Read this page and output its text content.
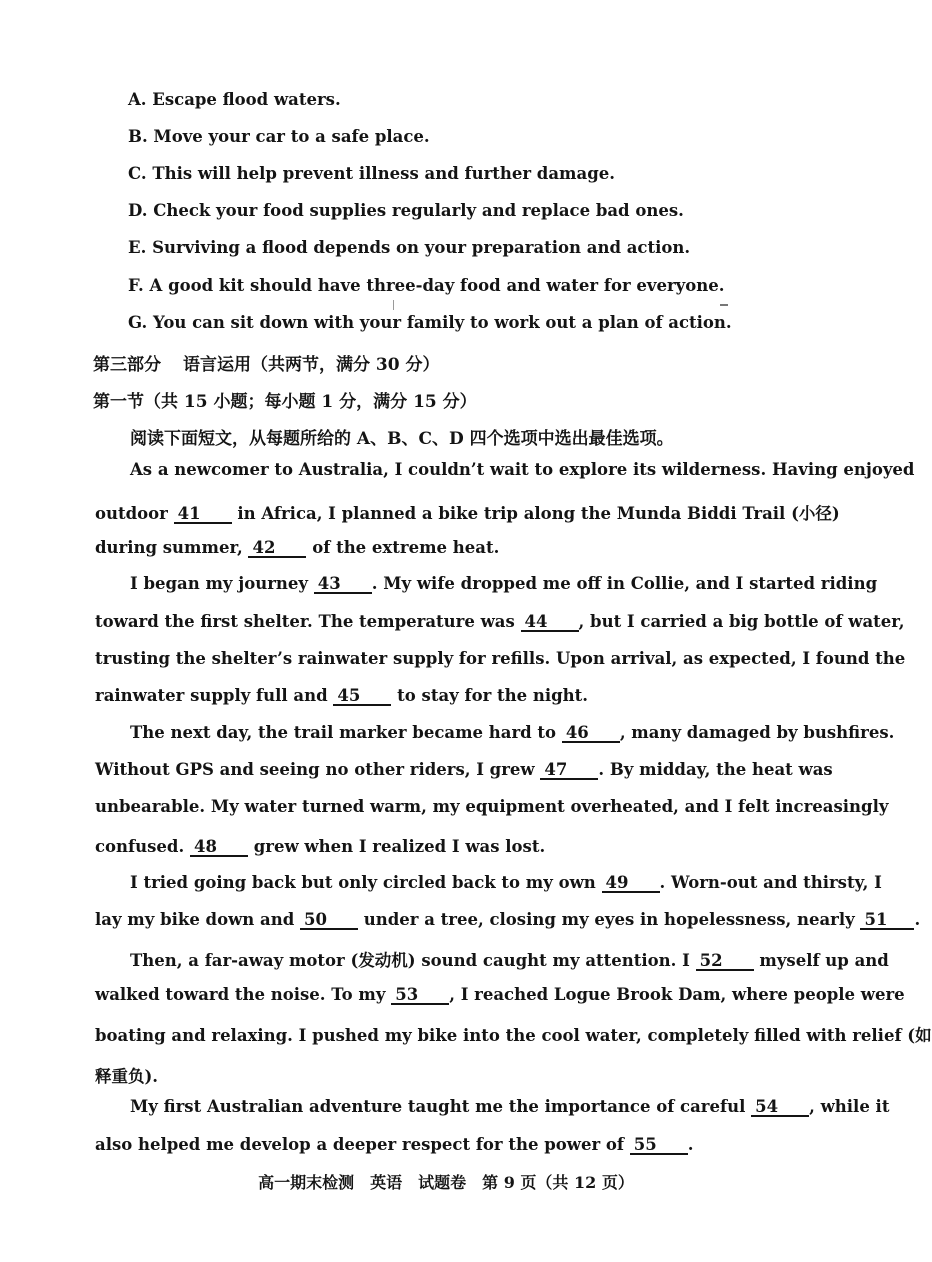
A. Escape flood waters.
B. Move your car to a safe place.
C. This will help prevent illness and further damage.
D. Check your food supplies regularly and replace bad ones.
E. Surviving a flood depends on your preparation and action.
F. A good kit should have three-day food and water for everyone.
G. You can sit down with your family to work out a plan of action.
第三部分 语言运用（共两节，满分 30 分）
第一节（共 15 小题；每小题 1 分，满分 15 分）
阅读下面短文，从每题所给的 A、B、C、D 四个选项中选出最佳选项。
As a newcomer to Australia, I couldn’t wait to explore its wilderness. Having enjoyed
outdoor 41 in Africa, I planned a bike trip along the Munda Biddi Trail (小径)
during summer, 42 of the extreme heat.
I began my journey 43 . My wife dropped me off in Collie, and I started riding
toward the first shelter. The temperature was 44 , but I carried a big bottle of water,
trusting the shelter’s rainwater supply for refills. Upon arrival, as expected, I found the
rainwater supply full and 45 to stay for the night.
The next day, the trail marker became hard to 46 , many damaged by bushfires.
Without GPS and seeing no other riders, I grew 47 . By midday, the heat was
unbearable. My water turned warm, my equipment overheated, and I felt increasingly
confused. 48 grew when I realized I was lost.
I tried going back but only circled back to my own 49 . Worn-out and thirsty, I
lay my bike down and 50 under a tree, closing my eyes in hopelessness, nearly 51 .
Then, a far-away motor (发动机) sound caught my attention. I 52 myself up and
walked toward the noise. To my 53 , I reached Logue Brook Dam, where people were
boating and relaxing. I pushed my bike into the cool water, completely filled with relief (如
释重负).
My first Australian adventure taught me the importance of careful 54 , while it
also helped me develop a deeper respect for the power of 55 .
高一期末检测　英语　试题卷　第 9 页（共 12 页）
